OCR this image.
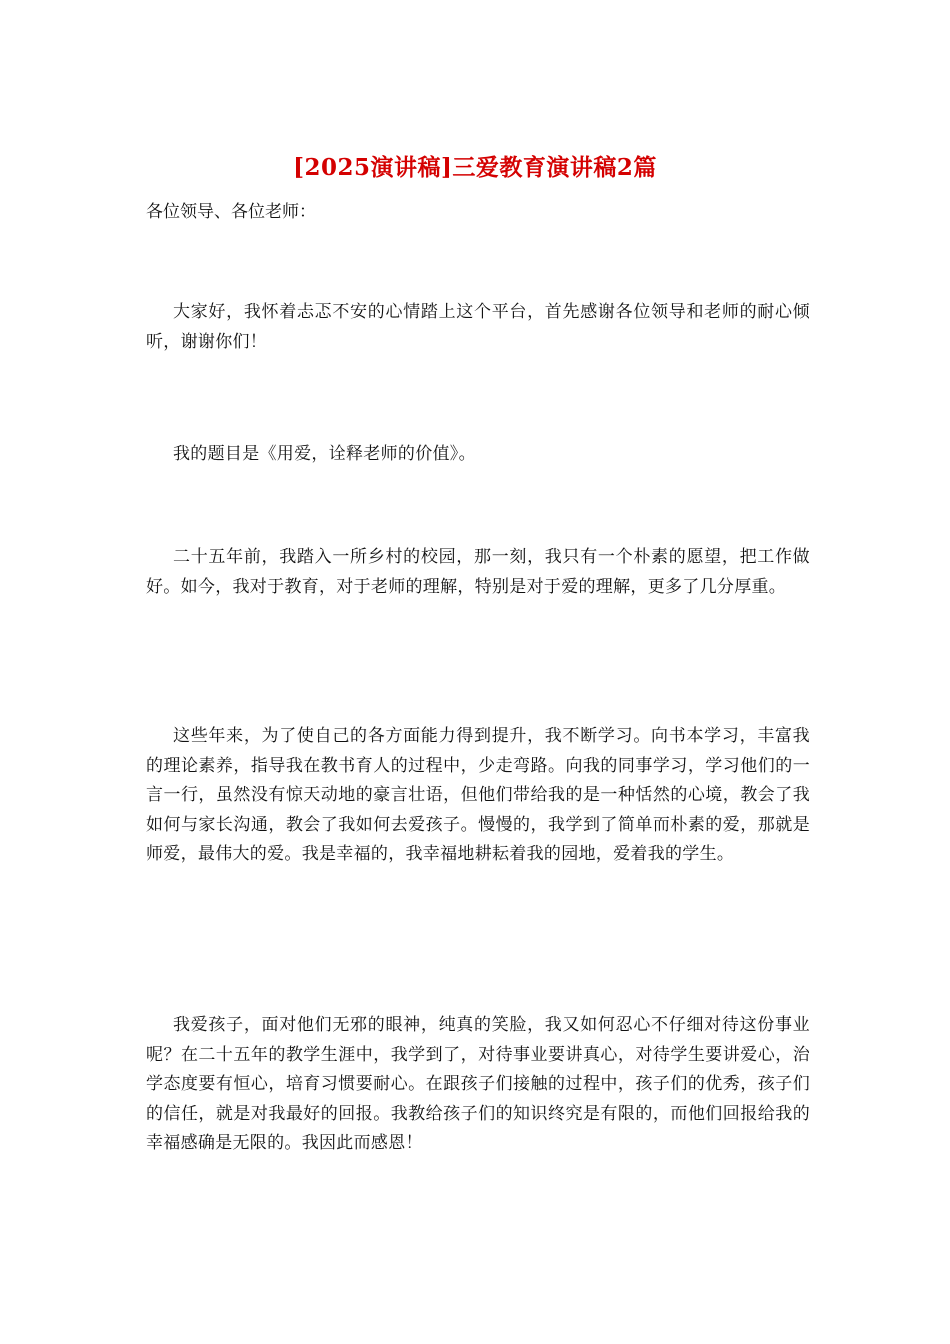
[2025演讲稿]三爱教育演讲稿2篇
各位领导、各位老师：

大家好，我怀着忐忑不安的心情踏上这个平台，首先感谢各位领导和老师的耐心倾听，谢谢你们！

我的题目是《用爱，诠释老师的价值》。

二十五年前，我踏入一所乡村的校园，那一刻，我只有一个朴素的愿望，把工作做好。如今，我对于教育，对于老师的理解，特别是对于爱的理解，更多了几分厚重。

这些年来，为了使自己的各方面能力得到提升，我不断学习。向书本学习，丰富我的理论素养，指导我在教书育人的过程中，少走弯路。向我的同事学习，学习他们的一言一行，虽然没有惊天动地的豪言壮语，但他们带给我的是一种恬然的心境，教会了我如何与家长沟通，教会了我如何去爱孩子。慢慢的，我学到了简单而朴素的爱，那就是师爱，最伟大的爱。我是幸福的，我幸福地耕耘着我的园地，爱着我的学生。

我爱孩子，面对他们无邪的眼神，纯真的笑脸，我又如何忍心不仔细对待这份事业呢？在二十五年的教学生涯中，我学到了，对待事业要讲真心，对待学生要讲爱心，治学态度要有恒心，培育习惯要耐心。在跟孩子们接触的过程中，孩子们的优秀，孩子们的信任，就是对我最好的回报。我教给孩子们的知识终究是有限的，而他们回报给我的幸福感确是无限的。我因此而感恩！
